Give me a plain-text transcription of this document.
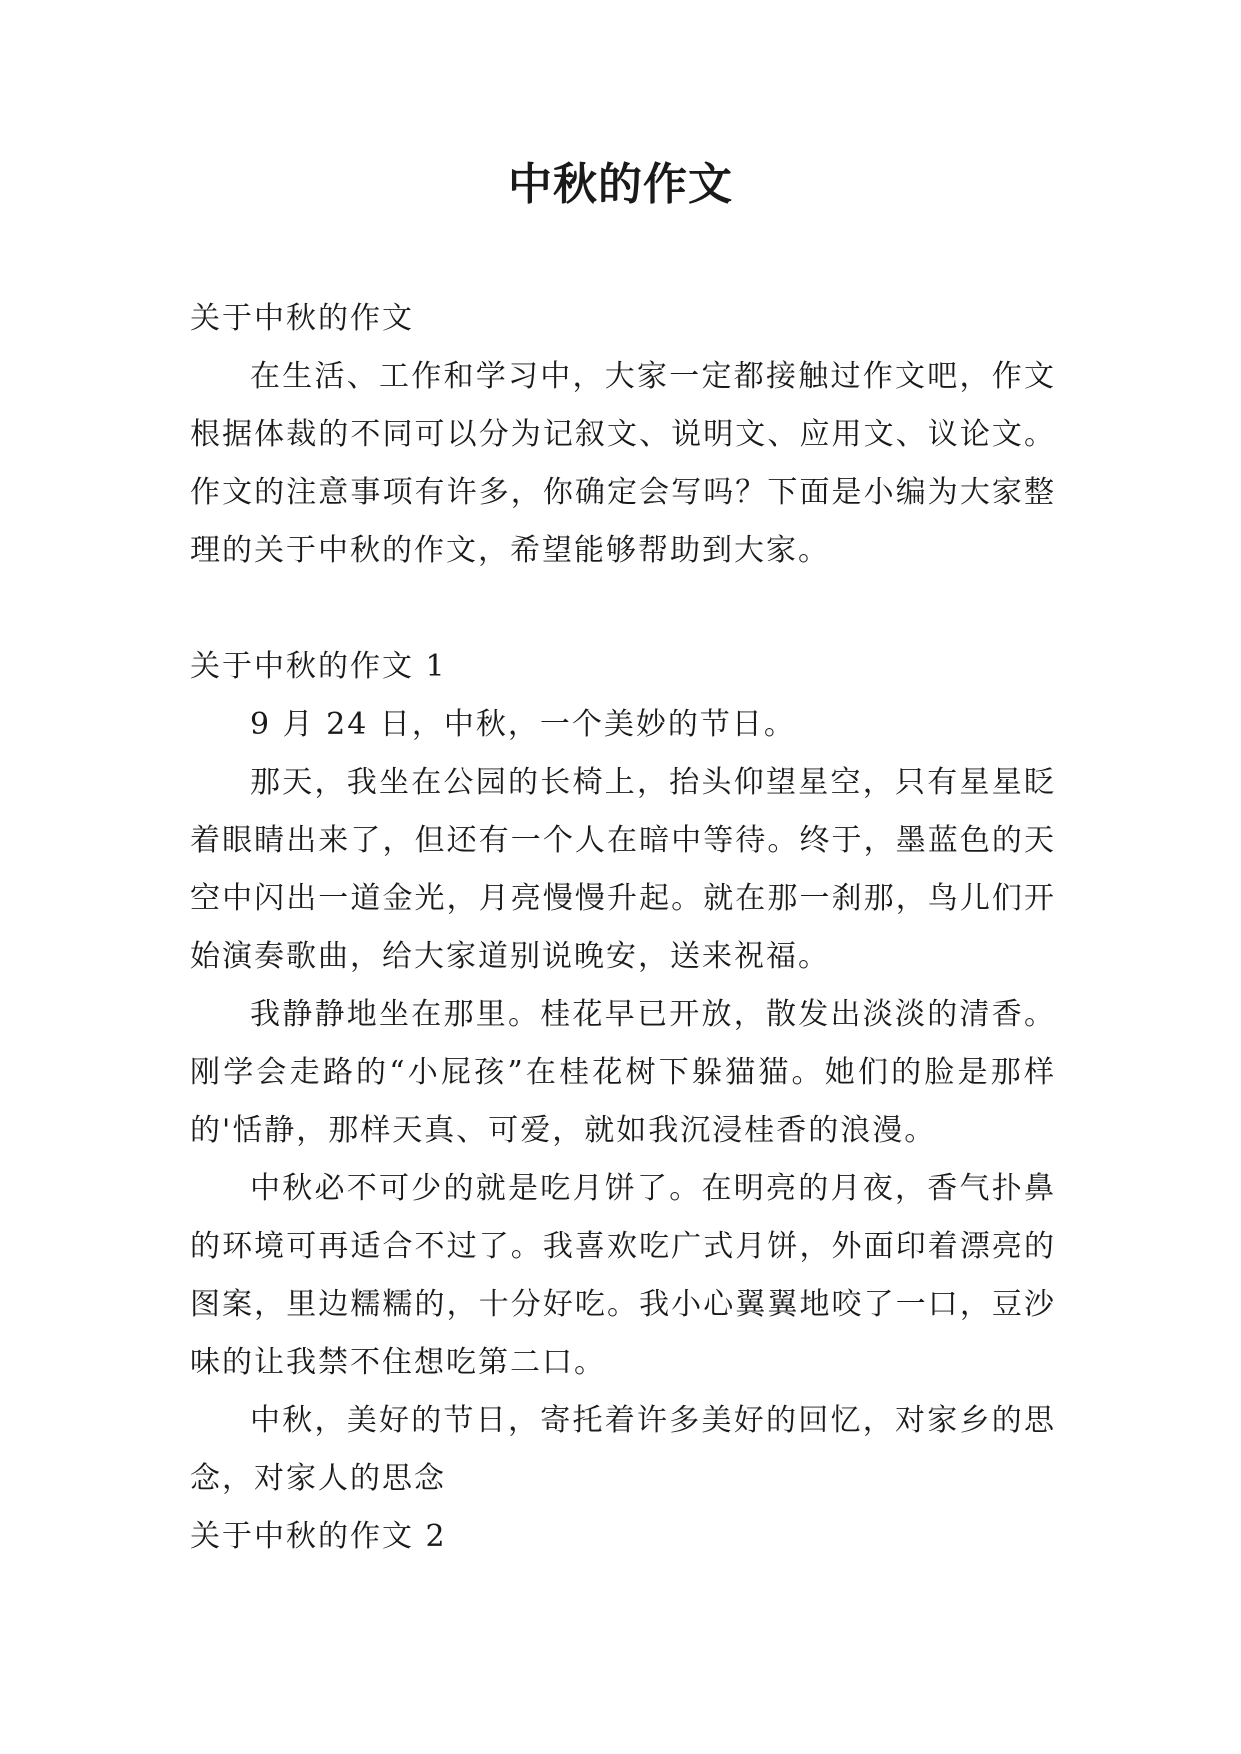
中秋的作文

关于中秋的作文

在生活、工作和学习中，大家一定都接触过作文吧，作文根据体裁的不同可以分为记叙文、说明文、应用文、议论文。作文的注意事项有许多，你确定会写吗？下面是小编为大家整理的关于中秋的作文，希望能够帮助到大家。

关于中秋的作文 1

9 月 24 日，中秋，一个美妙的节日。

那天，我坐在公园的长椅上，抬头仰望星空，只有星星眨着眼睛出来了，但还有一个人在暗中等待。终于，墨蓝色的天空中闪出一道金光，月亮慢慢升起。就在那一刹那，鸟儿们开始演奏歌曲，给大家道别说晚安，送来祝福。

我静静地坐在那里。桂花早已开放，散发出淡淡的清香。刚学会走路的“小屁孩”在桂花树下躲猫猫。她们的脸是那样的'恬静，那样天真、可爱，就如我沉浸桂香的浪漫。

中秋必不可少的就是吃月饼了。在明亮的月夜，香气扑鼻的环境可再适合不过了。我喜欢吃广式月饼，外面印着漂亮的图案，里边糯糯的，十分好吃。我小心翼翼地咬了一口，豆沙味的让我禁不住想吃第二口。

中秋，美好的节日，寄托着许多美好的回忆，对家乡的思念，对家人的思念

关于中秋的作文 2
